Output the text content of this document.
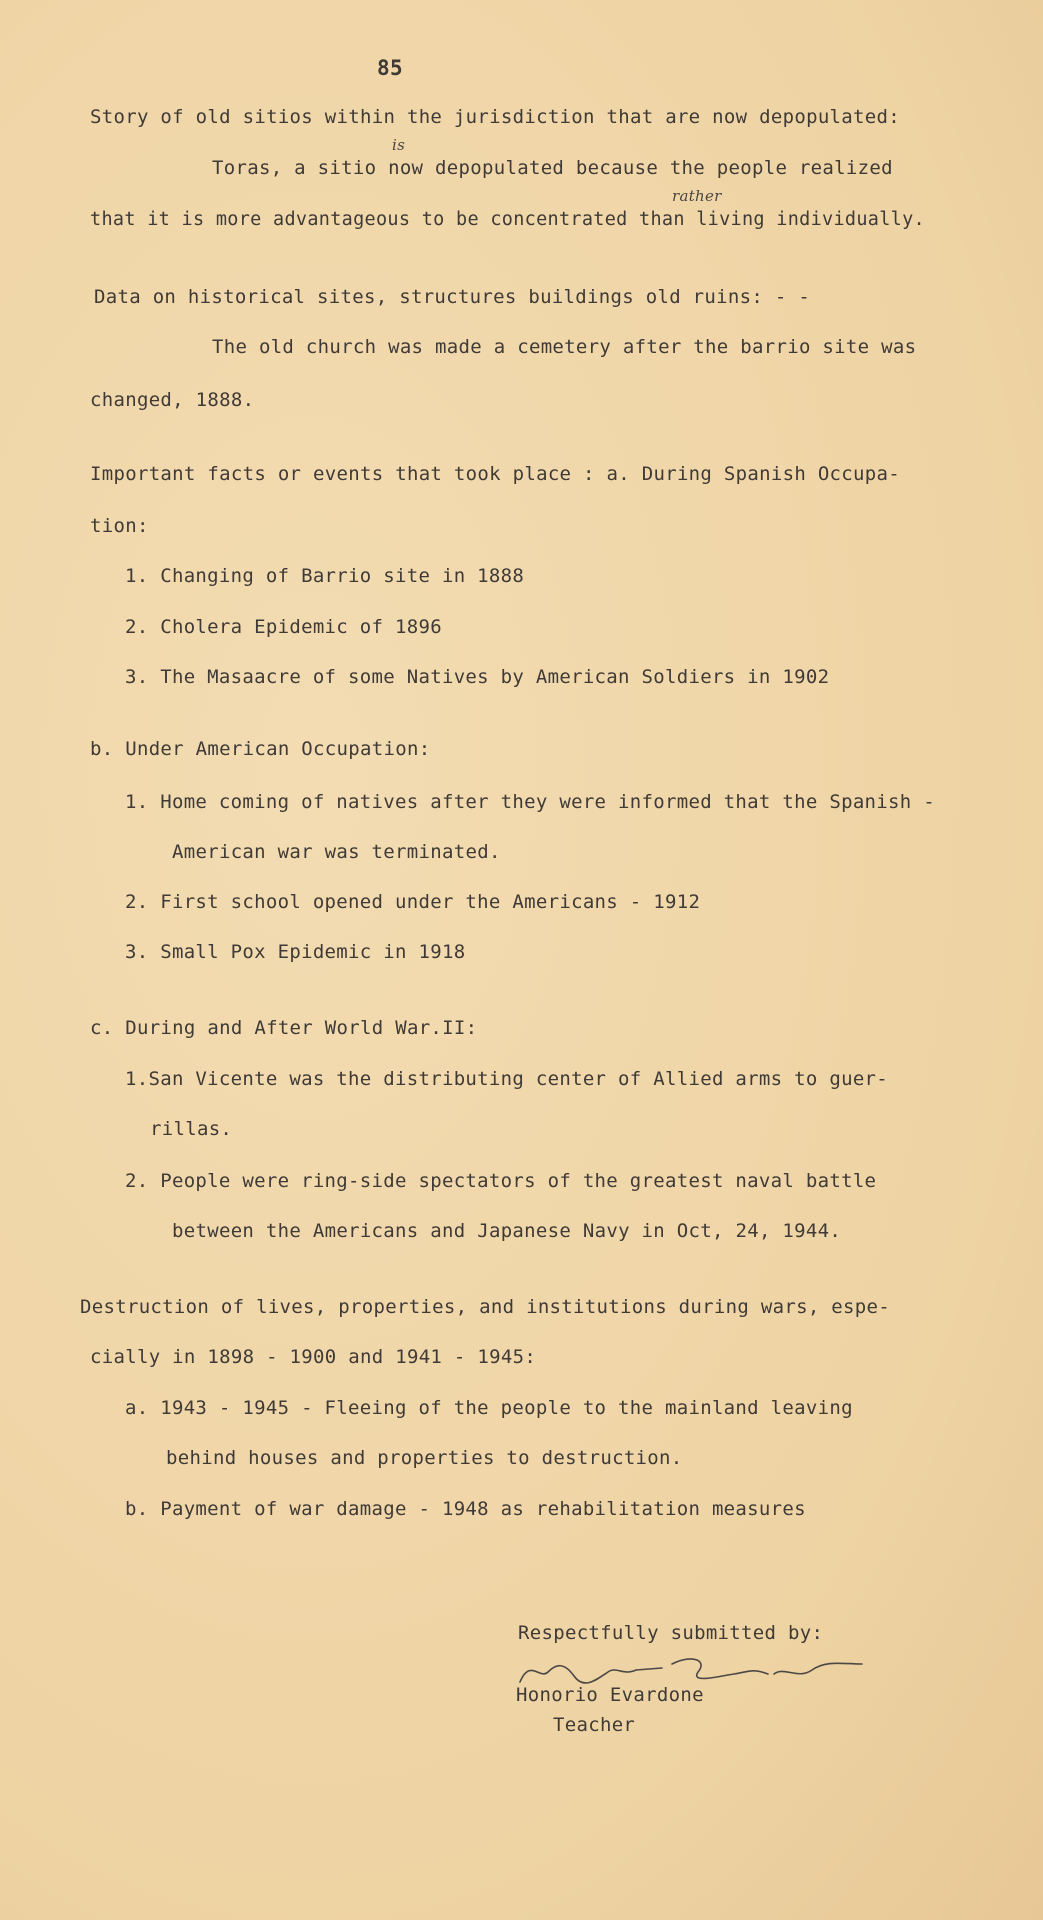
85
Story of old sitios within the jurisdiction that are now depopulated:
is
Toras, a sitio now depopulated because the people realized
rather
that it is more advantageous to be concentrated than living individually.
Data on historical sites, structures buildings old ruins: - -
The old church was made a cemetery after the barrio site was
changed, 1888.
Important facts or events that took place : a. During Spanish Occupa-
tion:
1. Changing of Barrio site in 1888
2. Cholera Epidemic of 1896
3. The Masaacre of some Natives by American Soldiers in 1902
b. Under American Occupation:
1. Home coming of natives after they were informed that the Spanish -
American war was terminated.
2. First school opened under the Americans - 1912
3. Small Pox Epidemic in 1918
c. During and After World War.II:
1.San Vicente was the distributing center of Allied arms to guer-
rillas.
2. People were ring-side spectators of the greatest naval battle
between the Americans and Japanese Navy in Oct, 24, 1944.
Destruction of lives, properties, and institutions during wars, espe-
cially in 1898 - 1900 and 1941 - 1945:
a. 1943 - 1945 - Fleeing of the people to the mainland leaving
behind houses and properties to destruction.
b. Payment of war damage - 1948 as rehabilitation measures
Respectfully submitted by:
Honorio Evardone
Teacher
